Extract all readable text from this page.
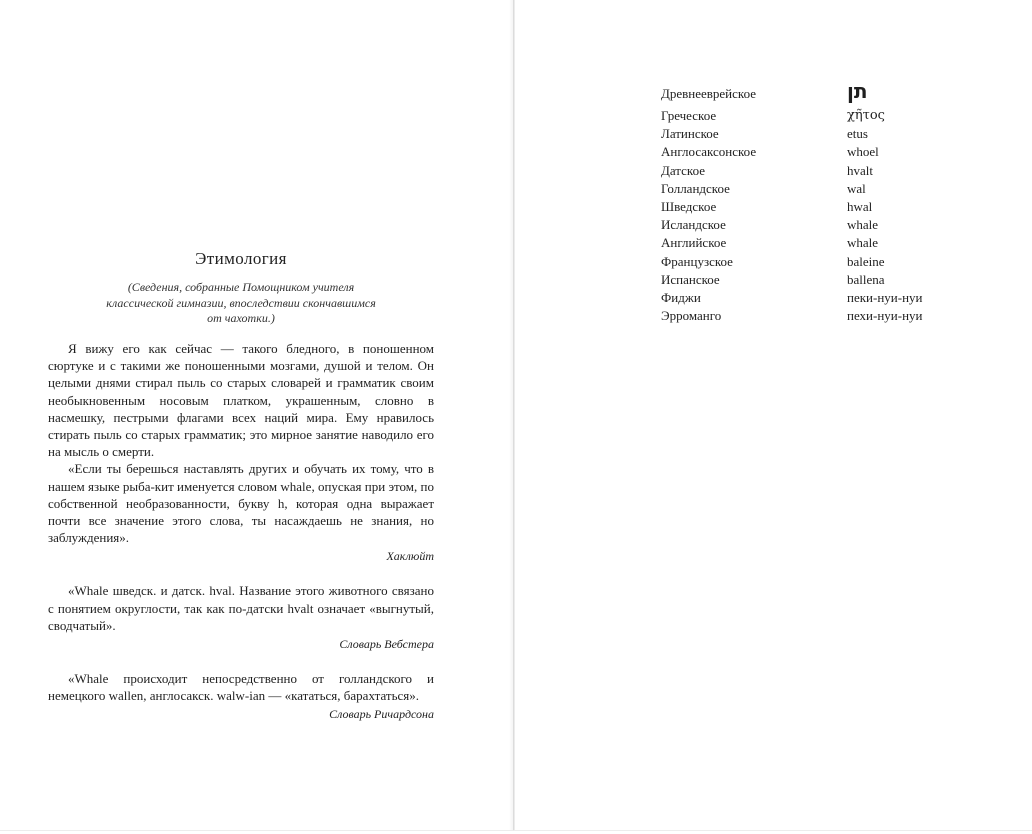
Этимология
(Сведения, собранные Помощником учителя
классической гимназии, впоследствии скончавшимся
от чахотки.)

Я вижу его как сейчас — такого бледного, в поношенном сюртуке и с такими же поношенными мозгами, душой и телом. Он целыми днями стирал пыль со старых словарей и грамматик своим необыкновенным носовым платком, украшенным, словно в насмешку, пестрыми флагами всех наций мира. Ему нравилось стирать пыль со старых грамматик; это мирное занятие наводило его на мысль о смерти.

«Если ты берешься наставлять других и обучать их тому, что в нашем языке рыба-кит именуется словом whale, опуская при этом, по собственной необразованности, букву h, которая одна выражает почти все значение этого слова, ты насаждаешь не знания, но заблуждения».

Хаклюйт

«Whale шведск. и датск. hval. Название этого животного связано с понятием округлости, так как по-датски hvalt означает «выгнутый, сводчатый».

Словарь Вебстера

«Whale происходит непосредственно от голландского и немецкого wallen, англосакск. walw-ian — «кататься, барахтаться».

Словарь Ричардсона

Древнееврейское	תן
Греческое	χη̃τος
Латинское	etus
Англосаксонское	whoel
Датское	hvalt
Голландское	wal
Шведское	hwal
Исландское	whale
Английское	whale
Французское	baleine
Испанское	ballena
Фиджи	пеки-нуи-нуи
Эрроманго	пехи-нуи-нуи
